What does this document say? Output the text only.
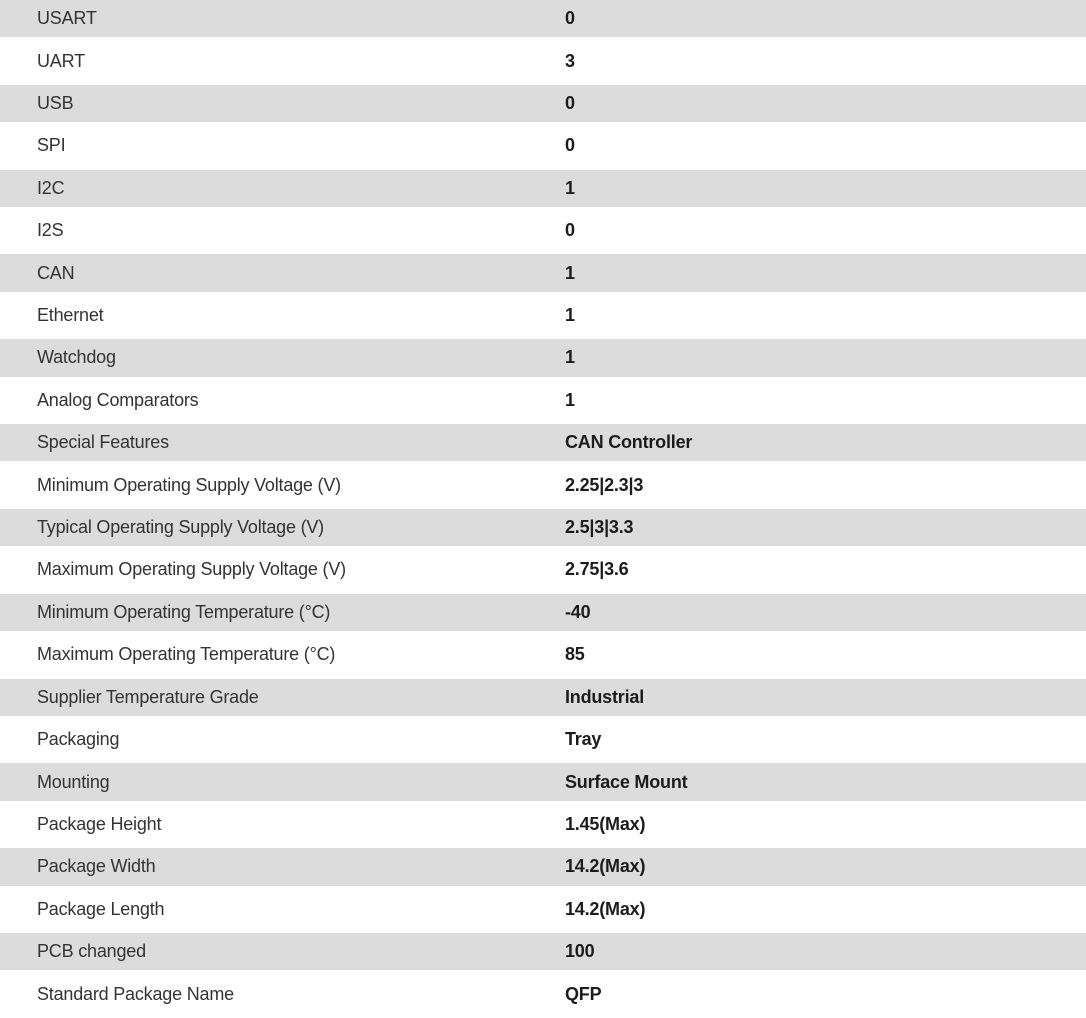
USART	0
UART	3
USB	0
SPI	0
I2C	1
I2S	0
CAN	1
Ethernet	1
Watchdog	1
Analog Comparators	1
Special Features	CAN Controller
Minimum Operating Supply Voltage (V)	2.25|2.3|3
Typical Operating Supply Voltage (V)	2.5|3|3.3
Maximum Operating Supply Voltage (V)	2.75|3.6
Minimum Operating Temperature (°C)	-40
Maximum Operating Temperature (°C)	85
Supplier Temperature Grade	Industrial
Packaging	Tray
Mounting	Surface Mount
Package Height	1.45(Max)
Package Width	14.2(Max)
Package Length	14.2(Max)
PCB changed	100
Standard Package Name	QFP
